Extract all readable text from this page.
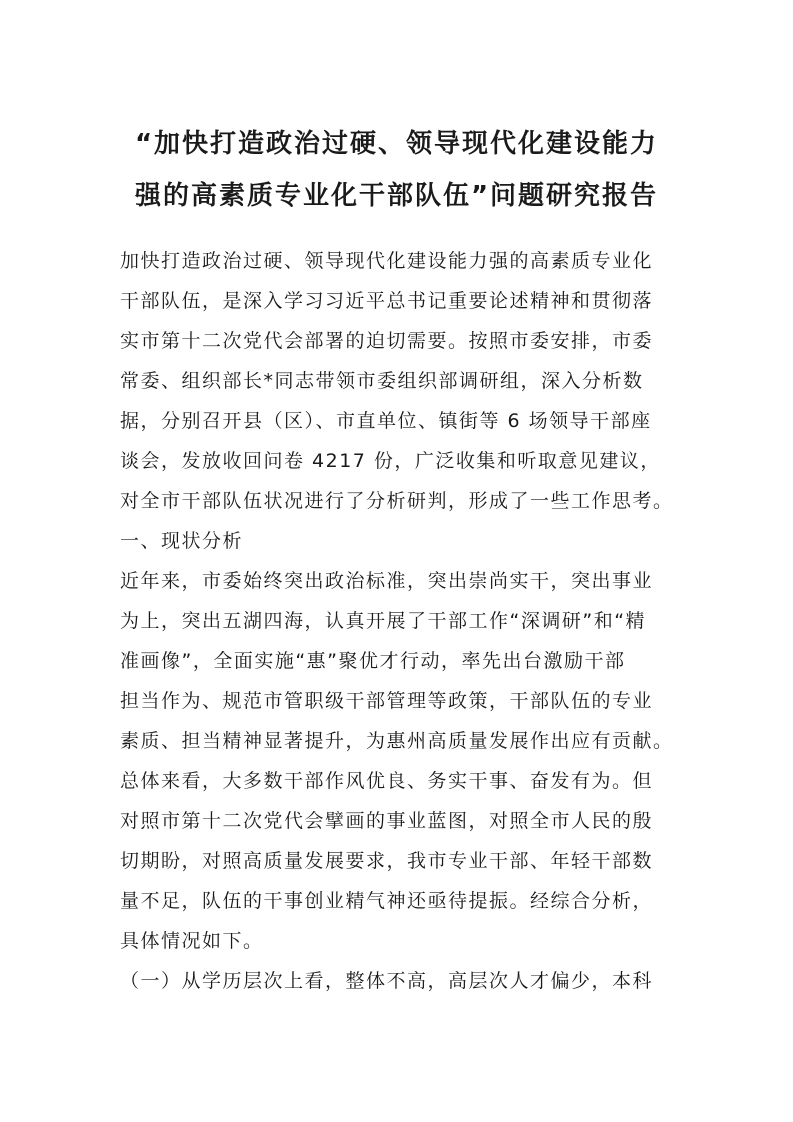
“加快打造政治过硬、领导现代化建设能力
强的高素质专业化干部队伍”问题研究报告
加快打造政治过硬、领导现代化建设能力强的高素质专业化
干部队伍，是深入学习习近平总书记重要论述精神和贯彻落
实市第十二次党代会部署的迫切需要。按照市委安排，市委
常委、组织部长*同志带领市委组织部调研组，深入分析数
据，分别召开县（区）、市直单位、镇街等 6 场领导干部座
谈会，发放收回问卷 4217 份，广泛收集和听取意见建议，
对全市干部队伍状况进行了分析研判，形成了一些工作思考。
一、现状分析
近年来，市委始终突出政治标准，突出崇尚实干，突出事业
为上，突出五湖四海，认真开展了干部工作“深调研”和“精
准画像”，全面实施“惠”聚优才行动，率先出台激励干部
担当作为、规范市管职级干部管理等政策，干部队伍的专业
素质、担当精神显著提升，为惠州高质量发展作出应有贡献。
总体来看，大多数干部作风优良、务实干事、奋发有为。但
对照市第十二次党代会擘画的事业蓝图，对照全市人民的殷
切期盼，对照高质量发展要求，我市专业干部、年轻干部数
量不足，队伍的干事创业精气神还亟待提振。经综合分析，
具体情况如下。
（一）从学历层次上看，整体不高，高层次人才偏少，本科
